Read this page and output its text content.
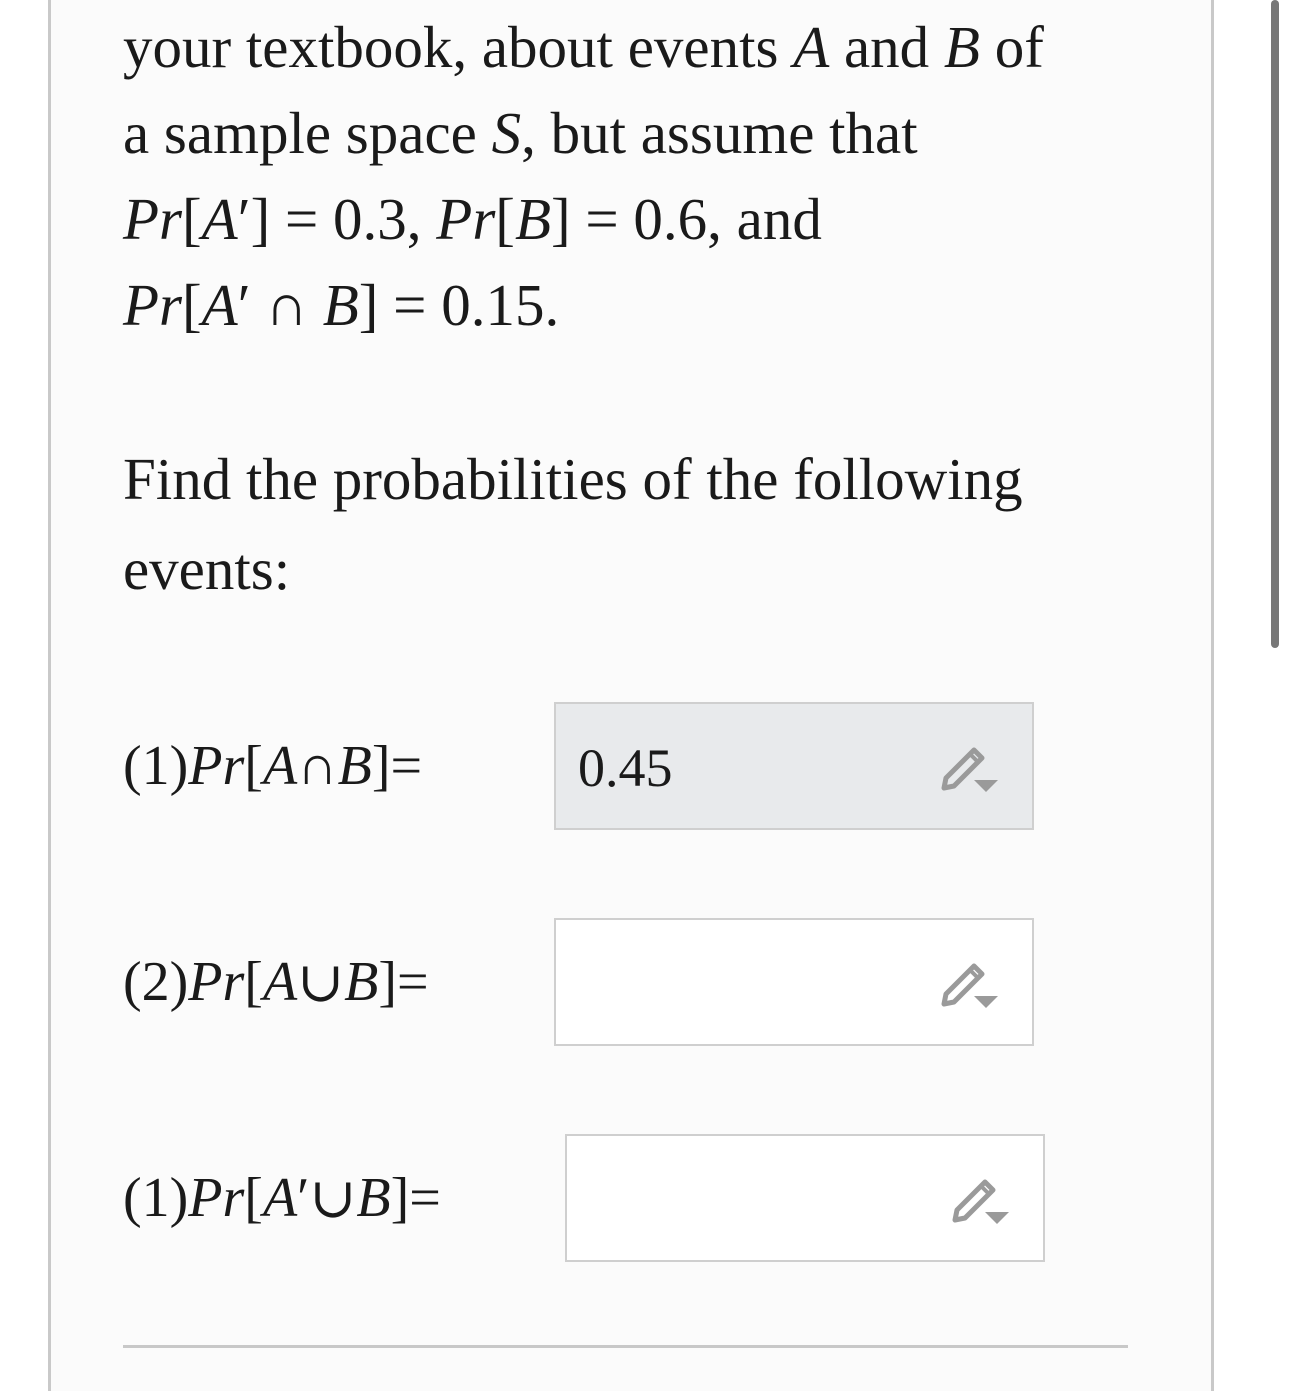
your textbook, about events A and B of
a sample space S, but assume that
Pr[A′] = 0.3, Pr[B] = 0.6, and
Pr[A′ ∩ B] = 0.15.
Find the probabilities of the following
events:
(1) Pr [ A ∩ B ] =	0.45
(2) Pr [ A ∪ B ] =
(1) Pr [ A ′ ∪ B ] =
